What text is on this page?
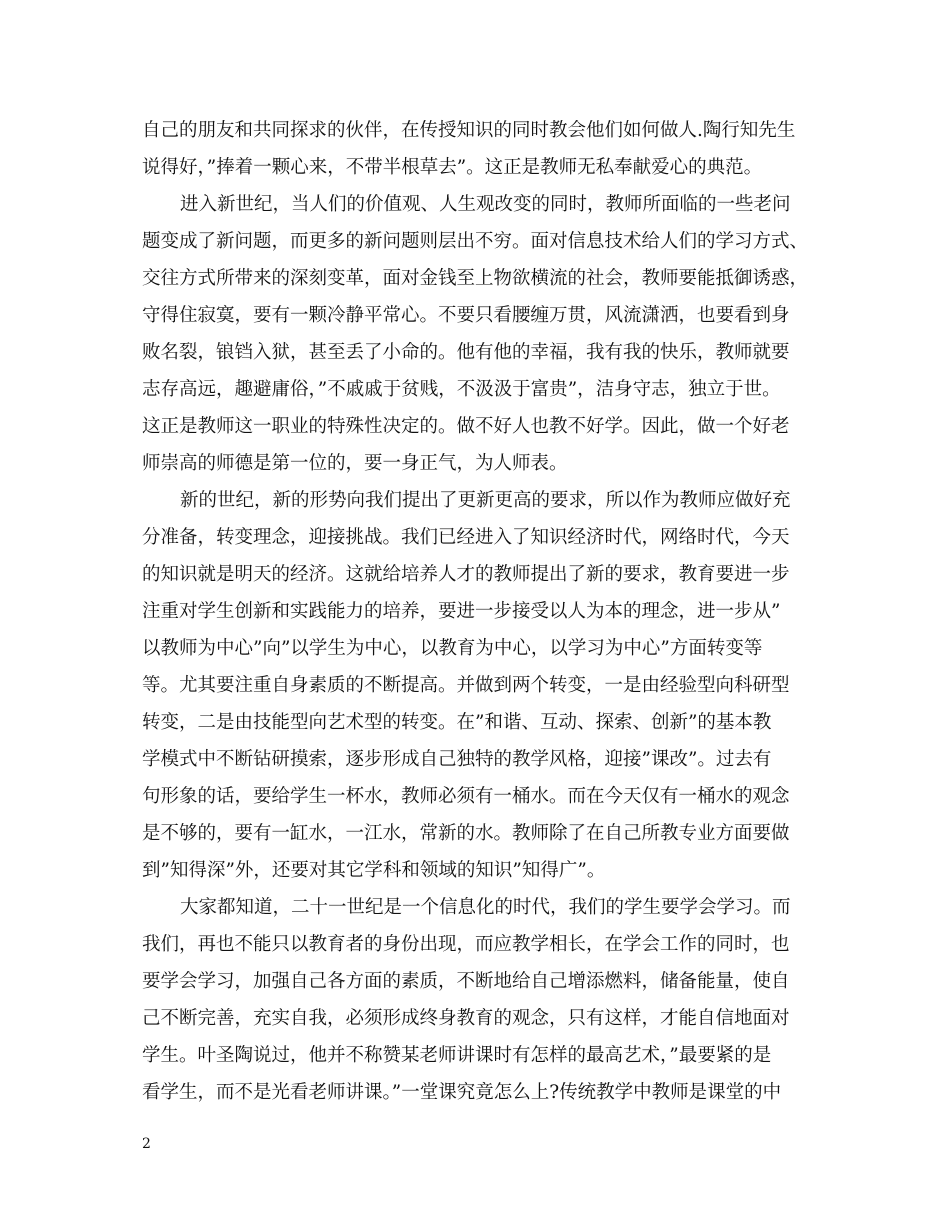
自己的朋友和共同探求的伙伴，在传授知识的同时教会他们如何做人.陶行知先生
说得好，”捧着一颗心来，不带半根草去”。这正是教师无私奉献爱心的典范。
进入新世纪，当人们的价值观、人生观改变的同时，教师所面临的一些老问
题变成了新问题，而更多的新问题则层出不穷。面对信息技术给人们的学习方式、
交往方式所带来的深刻变革，面对金钱至上物欲横流的社会，教师要能抵御诱惑，
守得住寂寞，要有一颗冷静平常心。不要只看腰缠万贯，风流潇洒，也要看到身
败名裂，锒铛入狱，甚至丢了小命的。他有他的幸福，我有我的快乐，教师就要
志存高远，趣避庸俗，”不戚戚于贫贱，不汲汲于富贵”，洁身守志，独立于世。
这正是教师这一职业的特殊性决定的。做不好人也教不好学。因此，做一个好老
师崇高的师德是第一位的，要一身正气，为人师表。
新的世纪，新的形势向我们提出了更新更高的要求，所以作为教师应做好充
分准备，转变理念，迎接挑战。我们已经进入了知识经济时代，网络时代，今天
的知识就是明天的经济。这就给培养人才的教师提出了新的要求，教育要进一步
注重对学生创新和实践能力的培养，要进一步接受以人为本的理念，进一步从”
以教师为中心”向”以学生为中心，以教育为中心，以学习为中心”方面转变等
等。尤其要注重自身素质的不断提高。并做到两个转变，一是由经验型向科研型
转变，二是由技能型向艺术型的转变。在”和谐、互动、探索、创新”的基本教
学模式中不断钻研摸索，逐步形成自己独特的教学风格，迎接”课改”。过去有
句形象的话，要给学生一杯水，教师必须有一桶水。而在今天仅有一桶水的观念
是不够的，要有一缸水，一江水，常新的水。教师除了在自己所教专业方面要做
到”知得深”外，还要对其它学科和领域的知识”知得广”。
大家都知道，二十一世纪是一个信息化的时代，我们的学生要学会学习。而
我们，再也不能只以教育者的身份出现，而应教学相长，在学会工作的同时，也
要学会学习，加强自己各方面的素质，不断地给自己增添燃料，储备能量，使自
己不断完善，充实自我，必须形成终身教育的观念，只有这样，才能自信地面对
学生。叶圣陶说过，他并不称赞某老师讲课时有怎样的最高艺术，”最要紧的是
看学生，而不是光看老师讲课。”一堂课究竟怎么上?传统教学中教师是课堂的中
2
